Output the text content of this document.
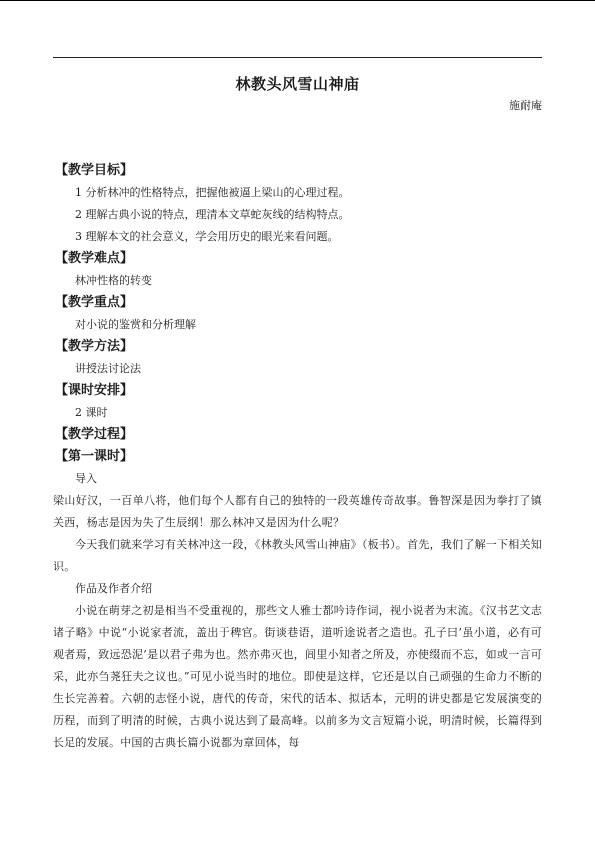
林教头风雪山神庙
施耐庵

【教学目标】

1 分析林冲的性格特点，把握他被逼上梁山的心理过程。

2 理解古典小说的特点，理清本文草蛇灰线的结构特点。

3 理解本文的社会意义，学会用历史的眼光来看问题。

【教学难点】

林冲性格的转变

【教学重点】

对小说的鉴赏和分析理解

【教学方法】

讲授法讨论法

【课时安排】

2 课时

【教学过程】

【第一课时】

导入

梁山好汉，一百单八将，他们每个人都有自己的独特的一段英雄传奇故事。鲁智深是因为拳打了镇关西，杨志是因为失了生辰纲！那么林冲又是因为什么呢？

今天我们就来学习有关林冲这一段，《林教头风雪山神庙》（板书）。首先，我们了解一下相关知识。

作品及作者介绍

小说在萌芽之初是相当不受重视的，那些文人雅士都吟诗作词，视小说者为末流。《汉书艺文志诸子略》中说“小说家者流，盖出于稗官。街谈巷语，道听途说者之造也。孔子曰’虽小道，必有可观者焉，致远恐泥’是以君子弗为也。然亦弗灭也，闾里小知者之所及，亦使缀而不忘，如或一言可采，此亦刍荛狂夫之议也。”可见小说当时的地位。即使是这样，它还是以自己顽强的生命力不断的生长完善着。六朝的志怪小说，唐代的传奇，宋代的话本、拟话本，元明的讲史都是它发展演变的历程，而到了明清的时候，古典小说达到了最高峰。以前多为文言短篇小说，明清时候，长篇得到长足的发展。中国的古典长篇小说都为章回体，每
